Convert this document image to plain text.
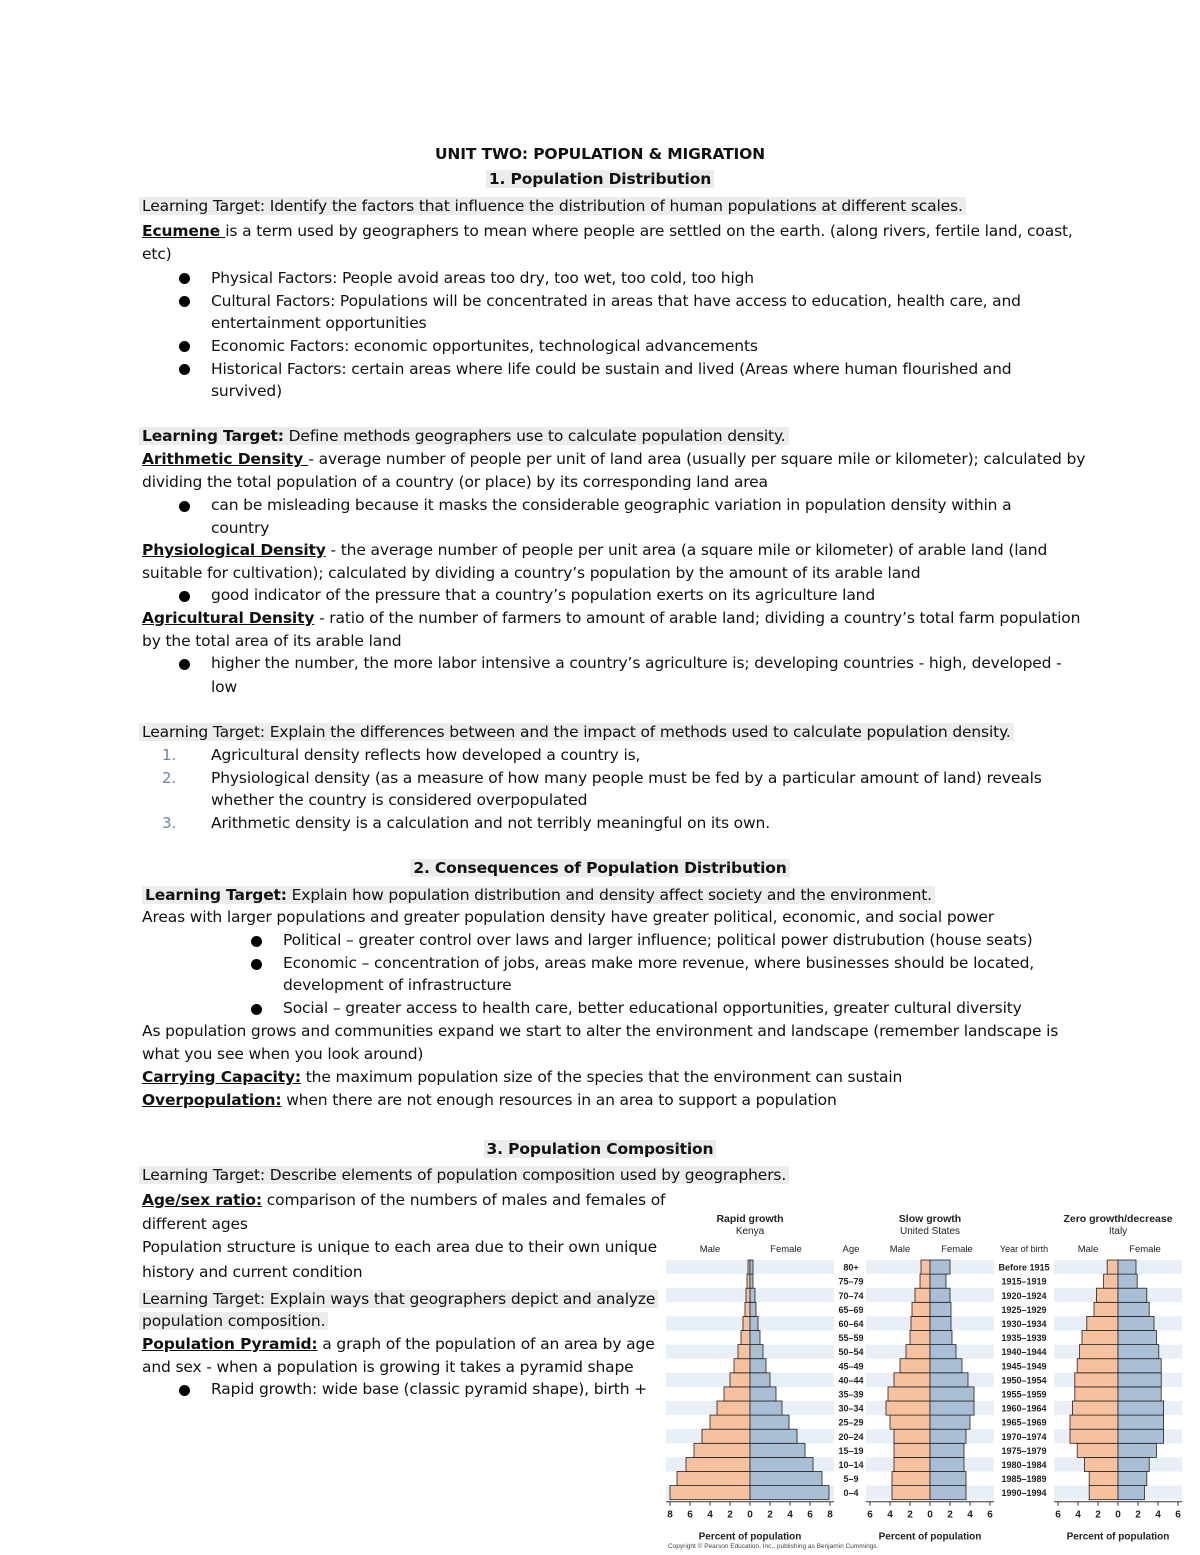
UNIT TWO: POPULATION & MIGRATION
1. Population Distribution
Learning Target: Identify the factors that influence the distribution of human populations at different scales.
Ecumene is a term used by geographers to mean where people are settled on the earth. (along rivers, fertile land, coast,
etc)
Physical Factors: People avoid areas too dry, too wet, too cold, too high
Cultural Factors: Populations will be concentrated in areas that have access to education, health care, and
entertainment opportunities
Economic Factors: economic opportunites, technological advancements
Historical Factors: certain areas where life could be sustain and lived (Areas where human flourished and
survived)
Learning Target: Define methods geographers use to calculate population density.
Arithmetic Density - average number of people per unit of land area (usually per square mile or kilometer); calculated by
dividing the total population of a country (or place) by its corresponding land area
can be misleading because it masks the considerable geographic variation in population density within a
country
Physiological Density - the average number of people per unit area (a square mile or kilometer) of arable land (land
suitable for cultivation); calculated by dividing a country’s population by the amount of its arable land
good indicator of the pressure that a country’s population exerts on its agriculture land
Agricultural Density - ratio of the number of farmers to amount of arable land; dividing a country’s total farm population
by the total area of its arable land
higher the number, the more labor intensive a country’s agriculture is; developing countries - high, developed -
low
Learning Target: Explain the differences between and the impact of methods used to calculate population density.
1. Agricultural density reflects how developed a country is,
2. Physiological density (as a measure of how many people must be fed by a particular amount of land) reveals
whether the country is considered overpopulated
3. Arithmetic density is a calculation and not terribly meaningful on its own.
2. Consequences of Population Distribution
Learning Target: Explain how population distribution and density affect society and the environment.
Areas with larger populations and greater population density have greater political, economic, and social power
Political – greater control over laws and larger influence; political power distrubution (house seats)
Economic – concentration of jobs, areas make more revenue, where businesses should be located,
development of infrastructure
Social – greater access to health care, better educational opportunities, greater cultural diversity
As population grows and communities expand we start to alter the environment and landscape (remember landscape is
what you see when you look around)
Carrying Capacity: the maximum population size of the species that the environment can sustain
Overpopulation: when there are not enough resources in an area to support a population
3. Population Composition
Learning Target: Describe elements of population composition used by geographers.
Age/sex ratio: comparison of the numbers of males and females of
different ages
Population structure is unique to each area due to their own unique
history and current condition
Learning Target: Explain ways that geographers depict and analyze
population composition.
Population Pyramid: a graph of the population of an area by age
and sex - when a population is growing it takes a pyramid shape
Rapid growth: wide base (classic pyramid shape), birth +
8 6 4 2 0 2 4 6 8
Percent of population
Rapid growth
Kenya
Male	Female
6 4 2 0 2 4 6
Percent of population
Slow growth
United States
Male	Female
6 4 2 0 2 4 6
Percent of population
Zero growth/decrease
Italy
Male	Female
Age
0–4
5–9
10–14
15–19
20–24
25–29
30–34
35–39
40–44
45–49
50–54
55–59
60–64
65–69
70–74
75–79
80+
Year of birth
1990–1994
1985–1989
1980–1984
1975–1979
1970–1974
1965–1969
1960–1964
1955–1959
1950–1954
1945–1949
1940–1944
1935–1939
1930–1934
1925–1929
1920–1924
1915–1919
Before 1915
Copyright © Pearson Education, Inc., publishing as Benjamin Cummings.
